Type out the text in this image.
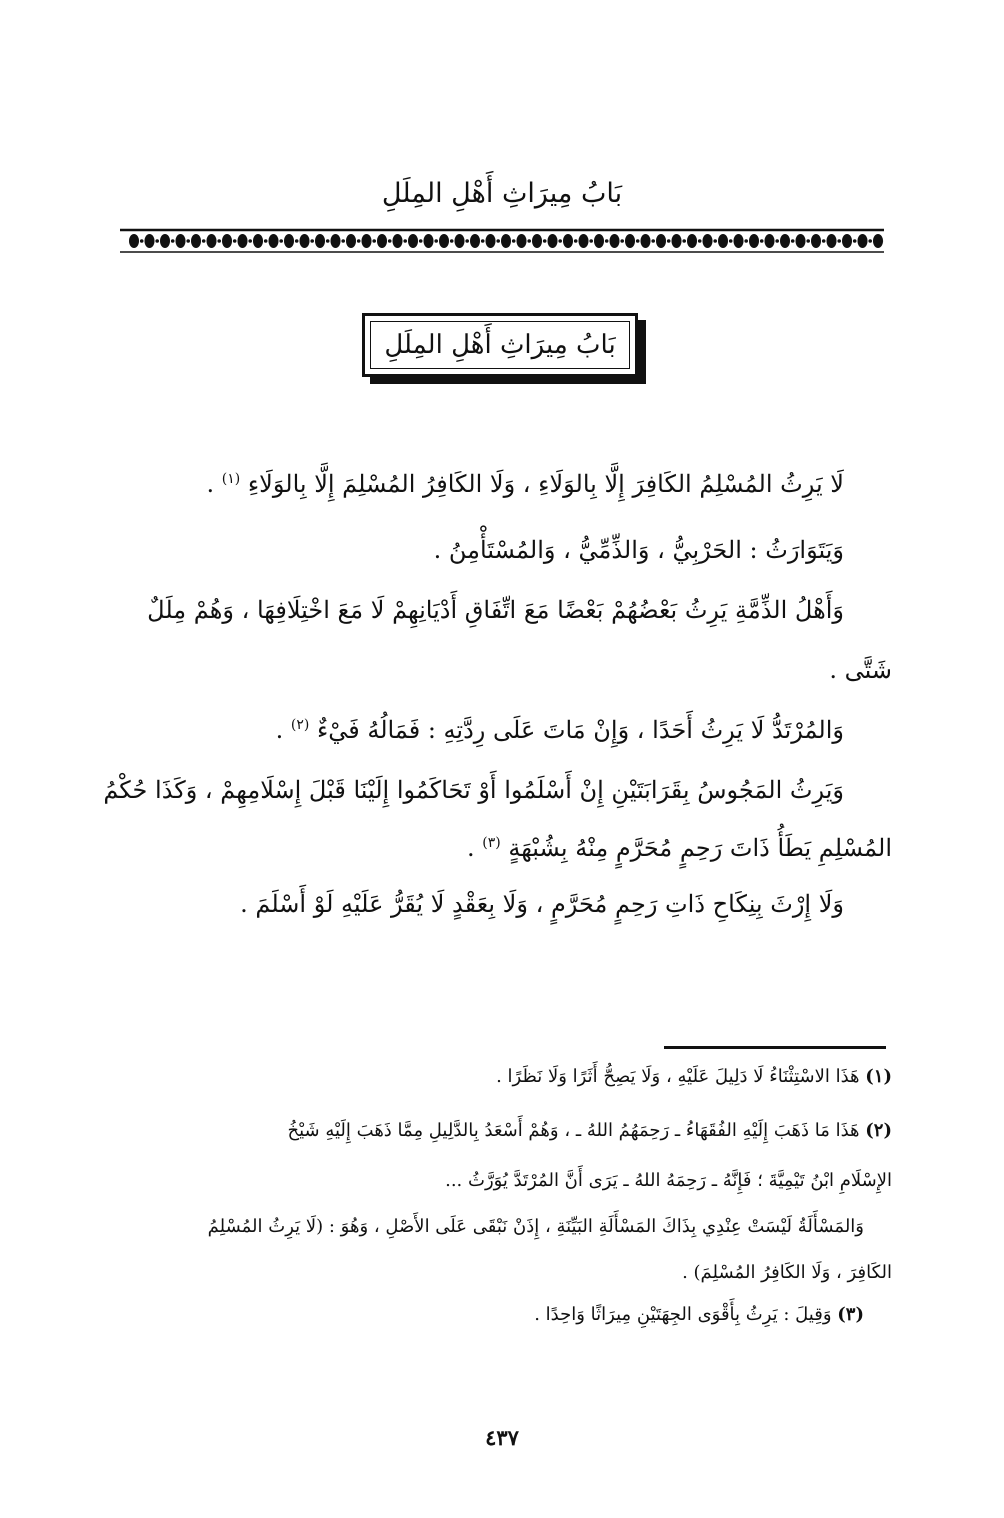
بَابُ مِيرَاثِ أَهْلِ المِلَلِ
بَابُ مِيرَاثِ أَهْلِ المِلَلِ
لَا يَرِثُ المُسْلِمُ الكَافِرَ إِلَّا بِالوَلَاءِ ، وَلَا الكَافِرُ المُسْلِمَ إِلَّا بِالوَلَاءِ $^{(١)}$ .
وَيَتَوَارَثُ : الحَرْبِيُّ ، وَالذِّمِّيُّ ، وَالمُسْتَأْمِنُ .
وَأَهْلُ الذِّمَّةِ يَرِثُ بَعْضُهُمْ بَعْضًا مَعَ اتِّفَاقِ أَدْيَانِهِمْ لَا مَعَ اخْتِلَافِهَا ، وَهُمْ مِلَلٌ
شَتَّى .
وَالمُرْتَدُّ لَا يَرِثُ أَحَدًا ، وَإِنْ مَاتَ عَلَى رِدَّتِهِ : فَمَالُهُ فَيْءٌ $^{(٢)}$ .
وَيَرِثُ المَجُوسُ بِقَرَابَتَيْنِ إِنْ أَسْلَمُوا أَوْ تَحَاكَمُوا إِلَيْنَا قَبْلَ إِسْلَامِهِمْ ، وَكَذَا حُكْمُ
المُسْلِمِ يَطَأُ ذَاتَ رَحِمٍ مُحَرَّمٍ مِنْهُ بِشُبْهَةٍ $^{(٣)}$ .
وَلَا إِرْثَ بِنِكَاحِ ذَاتِ رَحِمٍ مُحَرَّمٍ ، وَلَا بِعَقْدٍ لَا يُقَرُّ عَلَيْهِ لَوْ أَسْلَمَ .
(١) هَذَا الاسْتِثْنَاءُ لَا دَلِيلَ عَلَيْهِ ، وَلَا يَصِحُّ أَثَرًا وَلَا نَظَرًا .
(٢) هَذَا مَا ذَهَبَ إِلَيْهِ الفُقَهَاءُ ـ رَحِمَهُمُ اللهُ ـ ، وَهُمْ أَسْعَدُ بِالدَّلِيلِ مِمَّا ذَهَبَ إِلَيْهِ شَيْخُ
الإِسْلَامِ ابْنُ تَيْمِيَّةَ ؛ فَإِنَّهُ ـ رَحِمَهُ اللهُ ـ يَرَى أَنَّ المُرْتَدَّ يُوَرَّثُ ...
وَالمَسْأَلَةُ لَيْسَتْ عِنْدِي بِذَاكَ المَسْأَلَةِ البَيِّنَةِ ، إِذَنْ نَبْقَى عَلَى الأَصْلِ ، وَهُوَ : (لَا يَرِثُ المُسْلِمُ
الكَافِرَ ، وَلَا الكَافِرُ المُسْلِمَ) .
(٣) وَقِيلَ : يَرِثُ بِأَقْوَى الجِهَتَيْنِ مِيرَاثًا وَاحِدًا .
٤٣٧
